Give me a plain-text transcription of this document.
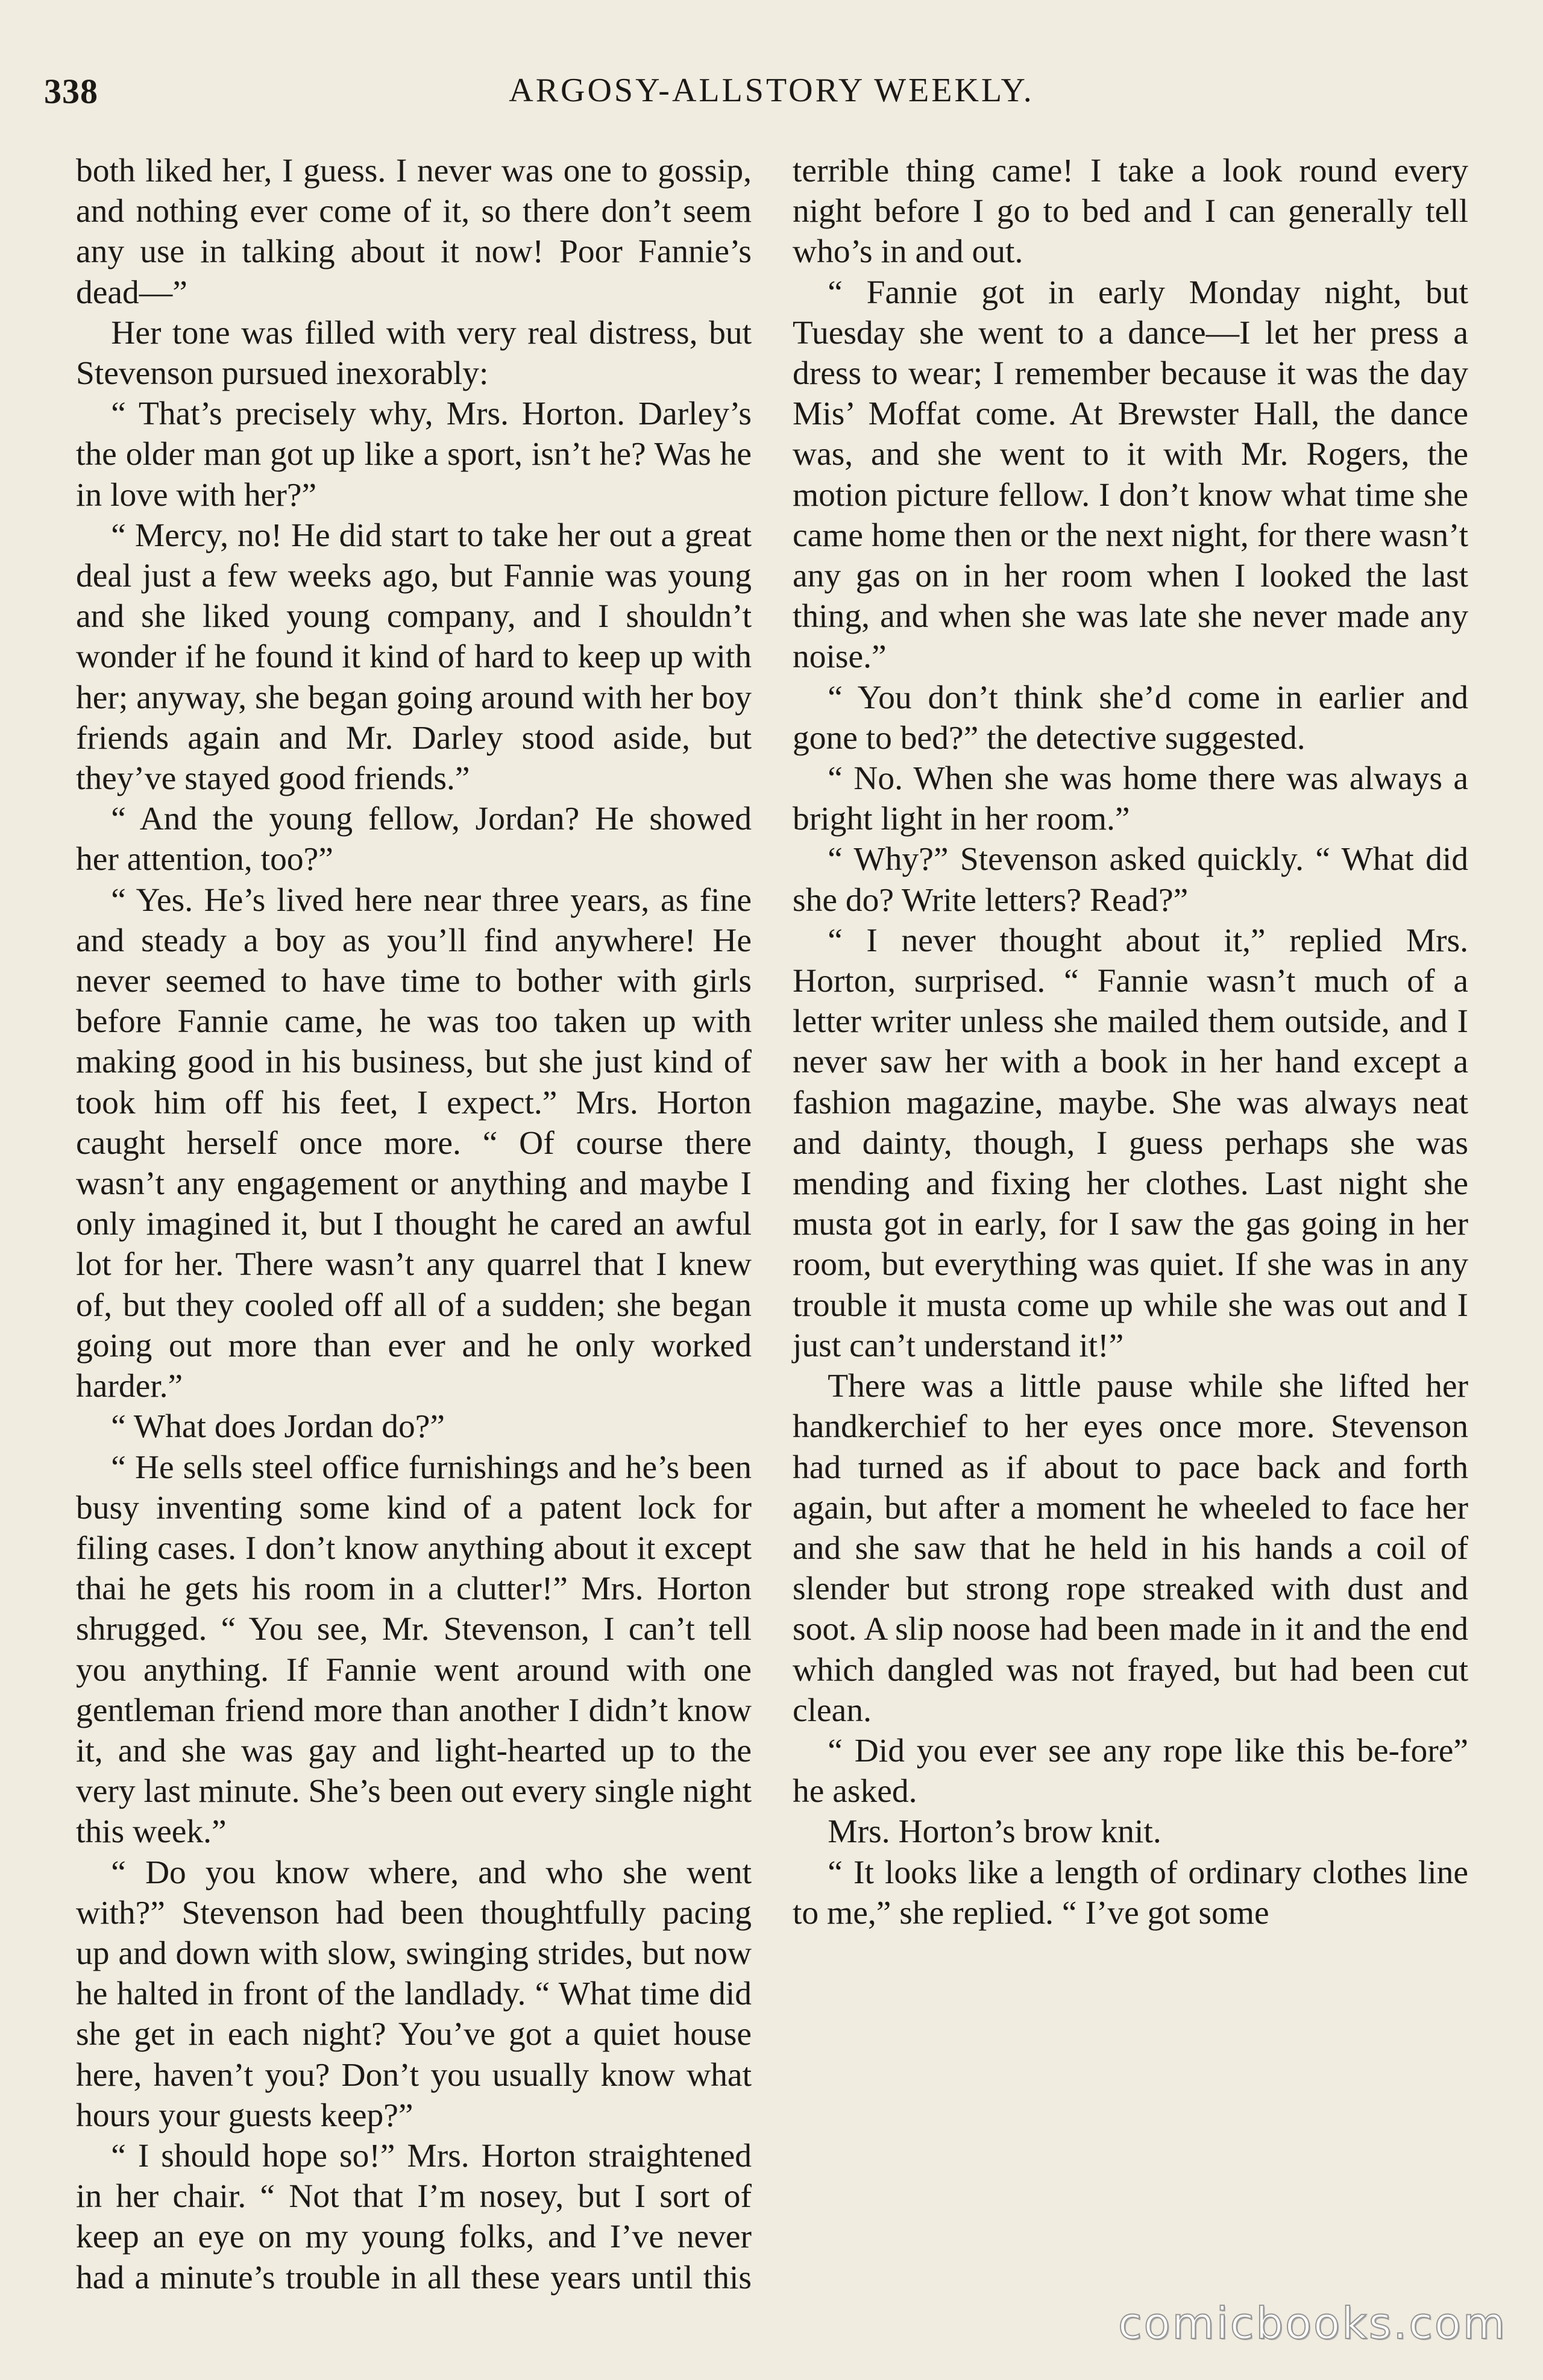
338	ARGOSY-ALLSTORY WEEKLY.

both liked her, I guess. I never was one to gossip, and nothing ever come of it, so there don’t seem any use in talking about it now! Poor Fannie’s dead—”

Her tone was filled with very real distress, but Stevenson pursued inexorably:

“ That’s precisely why, Mrs. Horton. Darley’s the older man got up like a sport, isn’t he? Was he in love with her?”

“ Mercy, no! He did start to take her out a great deal just a few weeks ago, but Fannie was young and she liked young company, and I shouldn’t wonder if he found it kind of hard to keep up with her; anyway, she began going around with her boy friends again and Mr. Darley stood aside, but they’ve stayed good friends.”

“ And the young fellow, Jordan? He showed her attention, too?”

“ Yes. He’s lived here near three years, as fine and steady a boy as you’ll find anywhere! He never seemed to have time to bother with girls before Fannie came, he was too taken up with making good in his business, but she just kind of took him off his feet, I expect.” Mrs. Horton caught herself once more. “ Of course there wasn’t any engagement or anything and maybe I only imagined it, but I thought he cared an awful lot for her. There wasn’t any quarrel that I knew of, but they cooled off all of a sudden; she began going out more than ever and he only worked harder.”

“ What does Jordan do?”

“ He sells steel office furnishings and he’s been busy inventing some kind of a patent lock for filing cases. I don’t know anything about it except thai he gets his room in a clutter!” Mrs. Horton shrugged. “ You see, Mr. Stevenson, I can’t tell you anything. If Fannie went around with one gentleman friend more than another I didn’t know it, and she was gay and light-hearted up to the very last minute. She’s been out every single night this week.”

“ Do you know where, and who she went with?” Stevenson had been thoughtfully pacing up and down with slow, swinging strides, but now he halted in front of the landlady. “ What time did she get in each night? You’ve got a quiet house here, haven’t you? Don’t you usually know what hours your guests keep?”

“ I should hope so!” Mrs. Horton straightened in her chair. “ Not that I’m nosey, but I sort of keep an eye on my young folks, and I’ve never had a minute’s trouble in all these years until this terrible thing came! I take a look round every night before I go to bed and I can generally tell who’s in and out.

“ Fannie got in early Monday night, but Tuesday she went to a dance—I let her press a dress to wear; I remember because it was the day Mis’ Moffat come. At Brewster Hall, the dance was, and she went to it with Mr. Rogers, the motion picture fellow. I don’t know what time she came home then or the next night, for there wasn’t any gas on in her room when I looked the last thing, and when she was late she never made any noise.”

“ You don’t think she’d come in earlier and gone to bed?” the detective suggested.

“ No. When she was home there was always a bright light in her room.”

“ Why?” Stevenson asked quickly. “ What did she do? Write letters? Read?”

“ I never thought about it,” replied Mrs. Horton, surprised. “ Fannie wasn’t much of a letter writer unless she mailed them outside, and I never saw her with a book in her hand except a fashion magazine, maybe. She was always neat and dainty, though, I guess perhaps she was mending and fixing her clothes. Last night she musta got in early, for I saw the gas going in her room, but everything was quiet. If she was in any trouble it musta come up while she was out and I just can’t understand it!”

There was a little pause while she lifted her handkerchief to her eyes once more. Stevenson had turned as if about to pace back and forth again, but after a moment he wheeled to face her and she saw that he held in his hands a coil of slender but strong rope streaked with dust and soot. A slip noose had been made in it and the end which dangled was not frayed, but had been cut clean.

“ Did you ever see any rope like this be-fore” he asked.

Mrs. Horton’s brow knit.

“ It looks like a length of ordinary clothes line to me,” she replied. “ I’ve got some

comicbooks.com
